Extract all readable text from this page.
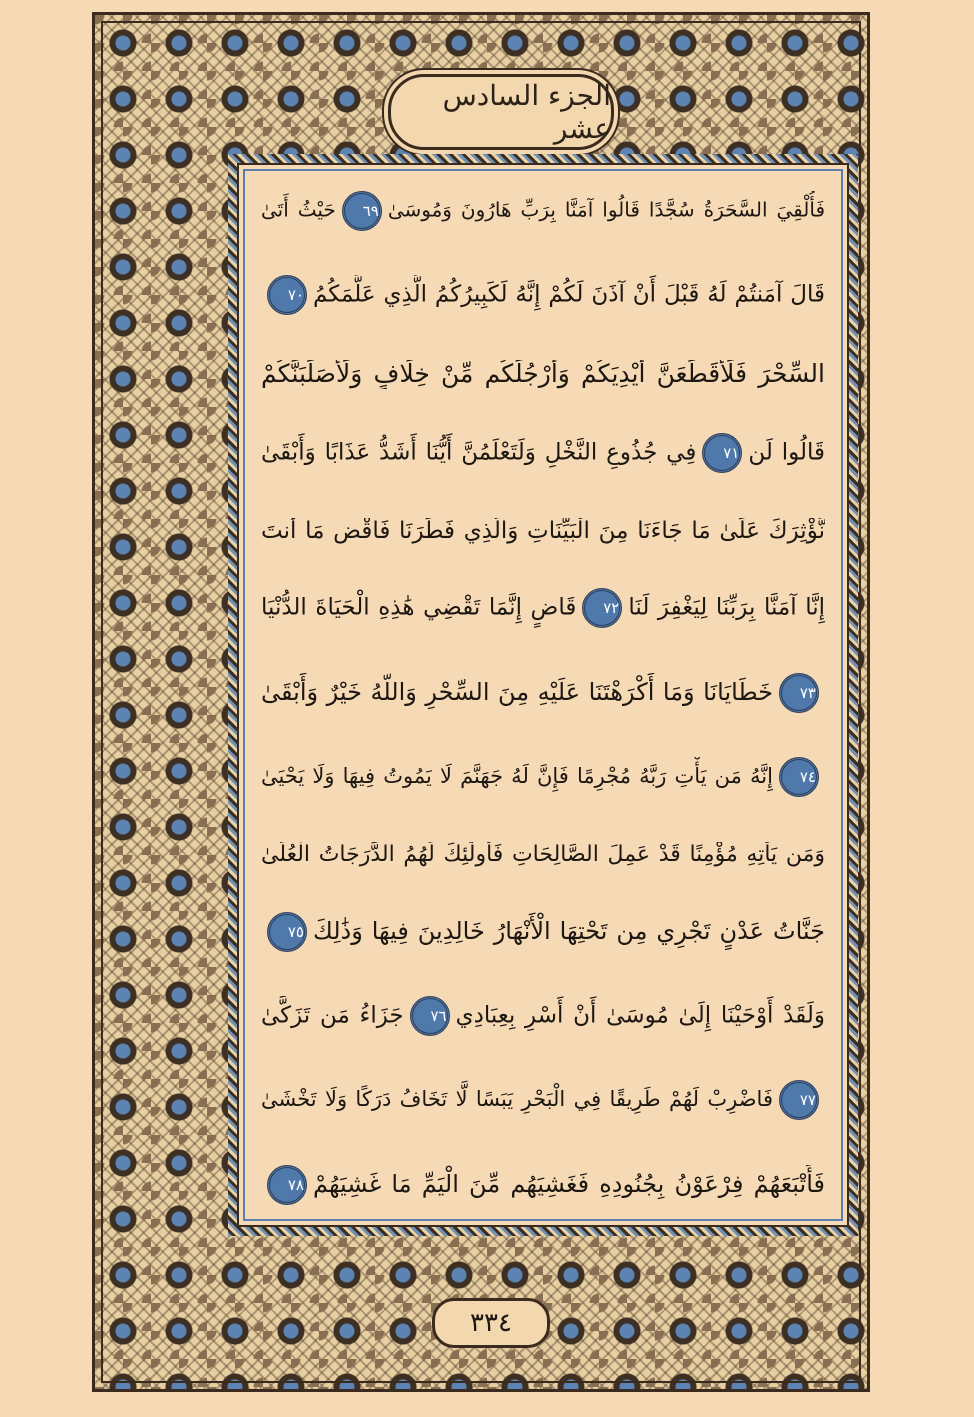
الجزء السادس عشر
فَأُلْقِيَ السَّحَرَةُ سُجَّدًا قَالُوا آمَنَّا بِرَبِّ هَارُونَ وَمُوسَىٰ٦٩حَيْثُ أَتَىٰ
قَالَ آمَنتُمْ لَهُ قَبْلَ أَنْ آذَنَ لَكُمْ إِنَّهُ لَكَبِيرُكُمُ الَّذِي عَلَّمَكُمُ٧٠
السِّحْرَ فَلَأُقَطِّعَنَّ أَيْدِيَكُمْ وَأَرْجُلَكُم مِّنْ خِلَافٍ وَلَأُصَلِّبَنَّكُمْ
قَالُوا لَن٧١فِي جُذُوعِ النَّخْلِ وَلَتَعْلَمُنَّ أَيُّنَا أَشَدُّ عَذَابًا وَأَبْقَىٰ
نُّؤْثِرَكَ عَلَىٰ مَا جَاءَنَا مِنَ الْبَيِّنَاتِ وَالَّذِي فَطَرَنَا فَاقْضِ مَا أَنتَ
إِنَّا آمَنَّا بِرَبِّنَا لِيَغْفِرَ لَنَا٧٢قَاضٍ إِنَّمَا تَقْضِي هَٰذِهِ الْحَيَاةَ الدُّنْيَا
٧٣خَطَايَانَا وَمَا أَكْرَهْتَنَا عَلَيْهِ مِنَ السِّحْرِ وَاللَّهُ خَيْرٌ وَأَبْقَىٰ
٧٤إِنَّهُ مَن يَأْتِ رَبَّهُ مُجْرِمًا فَإِنَّ لَهُ جَهَنَّمَ لَا يَمُوتُ فِيهَا وَلَا يَحْيَىٰ
وَمَن يَأْتِهِ مُؤْمِنًا قَدْ عَمِلَ الصَّالِحَاتِ فَأُولَٰئِكَ لَهُمُ الدَّرَجَاتُ الْعُلَىٰ
جَنَّاتُ عَدْنٍ تَجْرِي مِن تَحْتِهَا الْأَنْهَارُ خَالِدِينَ فِيهَا وَذَٰلِكَ٧٥
وَلَقَدْ أَوْحَيْنَا إِلَىٰ مُوسَىٰ أَنْ أَسْرِ بِعِبَادِي٧٦جَزَاءُ مَن تَزَكَّىٰ
٧٧فَاضْرِبْ لَهُمْ طَرِيقًا فِي الْبَحْرِ يَبَسًا لَّا تَخَافُ دَرَكًا وَلَا تَخْشَىٰ
فَأَتْبَعَهُمْ فِرْعَوْنُ بِجُنُودِهِ فَغَشِيَهُم مِّنَ الْيَمِّ مَا غَشِيَهُمْ٧٨
٣٣٤
